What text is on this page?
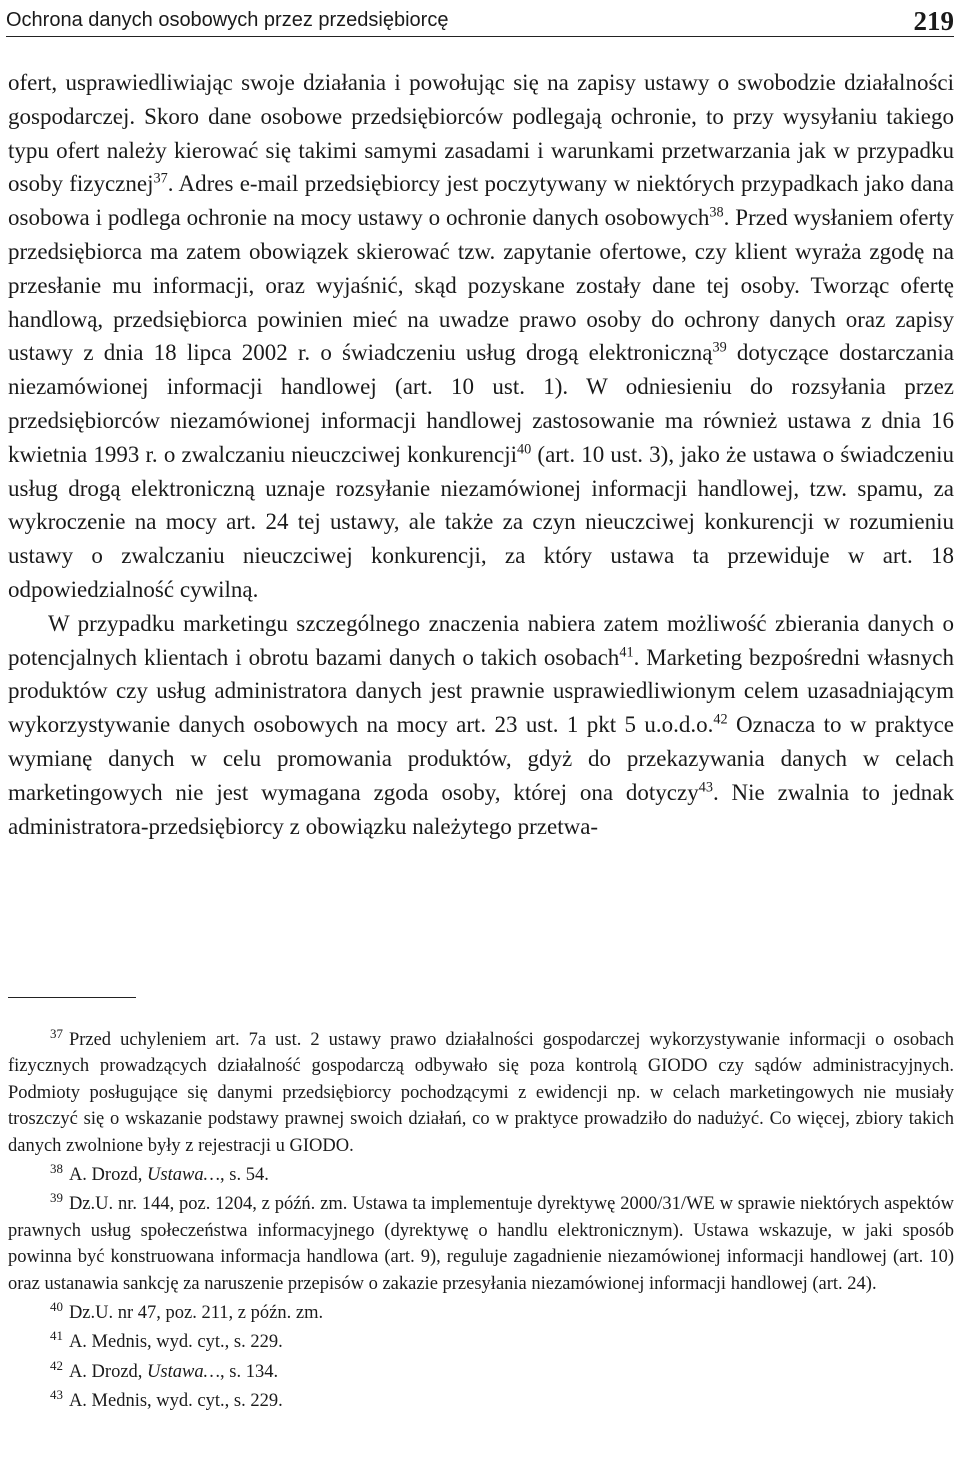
Ochrona danych osobowych przez przedsiębiorcę	219

ofert, usprawiedliwiając swoje działania i powołując się na zapisy ustawy o swobodzie działalności gospodarczej. Skoro dane osobowe przedsiębiorców podlegają ochronie, to przy wysyłaniu takiego typu ofert należy kierować się takimi samymi zasadami i warunkami przetwarzania jak w przypadku osoby fizycznej$^{37}$. Adres e-mail przedsiębiorcy jest poczytywany w niektórych przypadkach jako dana osobowa i podlega ochronie na mocy ustawy o ochronie danych osobowych$^{38}$. Przed wysłaniem oferty przedsiębiorca ma zatem obowiązek skierować tzw. zapytanie ofertowe, czy klient wyraża zgodę na przesłanie mu informacji, oraz wyjaśnić, skąd pozyskane zostały dane tej osoby. Tworząc ofertę handlową, przedsiębiorca powinien mieć na uwadze prawo osoby do ochrony danych oraz zapisy ustawy z dnia 18 lipca 2002 r. o świadczeniu usług drogą elektroniczną$^{39}$ dotyczące dostarczania niezamówionej informacji handlowej (art. 10 ust. 1). W odniesieniu do rozsyłania przez przedsiębiorców niezamówionej informacji handlowej zastosowanie ma również ustawa z dnia 16 kwietnia 1993 r. o zwalczaniu nieuczciwej konkurencji$^{40}$ (art. 10 ust. 3), jako że ustawa o świadczeniu usług drogą elektroniczną uznaje rozsyłanie niezamówionej informacji handlowej, tzw. spamu, za wykroczenie na mocy art. 24 tej ustawy, ale także za czyn nieuczciwej konkurencji w rozumieniu ustawy o zwalczaniu nieuczciwej konkurencji, za który ustawa ta przewiduje w art. 18 odpowiedzialność cywilną.

W przypadku marketingu szczególnego znaczenia nabiera zatem możliwość zbierania danych o potencjalnych klientach i obrotu bazami danych o takich osobach$^{41}$. Marketing bezpośredni własnych produktów czy usług administratora danych jest prawnie usprawiedliwionym celem uzasadniającym wykorzystywanie danych osobowych na mocy art. 23 ust. 1 pkt 5 u.o.d.o.$^{42}$ Oznacza to w praktyce wymianę danych w celu promowania produktów, gdyż do przekazywania danych w celach marketingowych nie jest wymagana zgoda osoby, której ona dotyczy$^{43}$. Nie zwalnia to jednak administratora-przedsiębiorcy z obowiązku należytego przetwa-

$^{37}$ Przed uchyleniem art. 7a ust. 2 ustawy prawo działalności gospodarczej wykorzystywanie informacji o osobach fizycznych prowadzących działalność gospodarczą odbywało się poza kontrolą GIODO czy sądów administracyjnych. Podmioty posługujące się danymi przedsiębiorcy pochodzącymi z ewidencji np. w celach marketingowych nie musiały troszczyć się o wskazanie podstawy prawnej swoich działań, co w praktyce prowadziło do nadużyć. Co więcej, zbiory takich danych zwolnione były z rejestracji u GIODO.

$^{38}$ A. Drozd, Ustawa…, s. 54.

$^{39}$ Dz.U. nr. 144, poz. 1204, z późń. zm. Ustawa ta implementuje dyrektywę 2000/31/WE w sprawie niektórych aspektów prawnych usług społeczeństwa informacyjnego (dyrektywę o handlu elektronicznym). Ustawa wskazuje, w jaki sposób powinna być konstruowana informacja handlowa (art. 9), reguluje zagadnienie niezamówionej informacji handlowej (art. 10) oraz ustanawia sankcję za naruszenie przepisów o zakazie przesyłania niezamówionej informacji handlowej (art. 24).

$^{40}$ Dz.U. nr 47, poz. 211, z późn. zm.

$^{41}$ A. Mednis, wyd. cyt., s. 229.

$^{42}$ A. Drozd, Ustawa…, s. 134.

$^{43}$ A. Mednis, wyd. cyt., s. 229.
